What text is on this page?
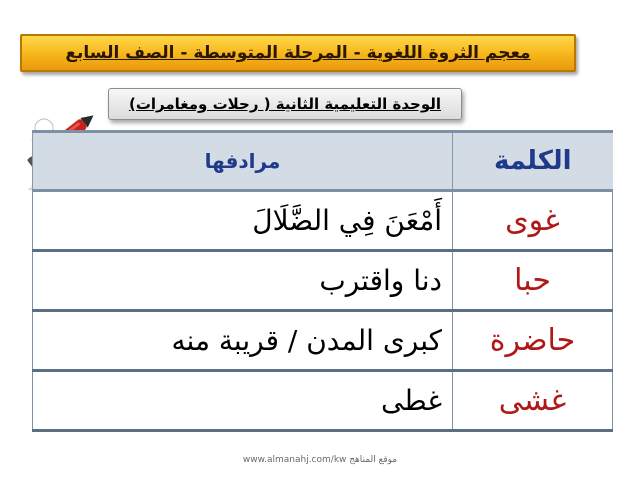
معجم الثروة اللغوية - المرحلة المتوسطة - الصف السابع
الوحدة التعليمية الثانية ( رحلات ومغامرات)
الكلمة	مرادفها
غوى	أَمْعَنَ فِي الضَّلَالَ
حبا	دنا واقترب
حاضرة	كبرى المدن / قريبة منه
غشى	غطى
www.almanahj.com/kw موقع المناهج
